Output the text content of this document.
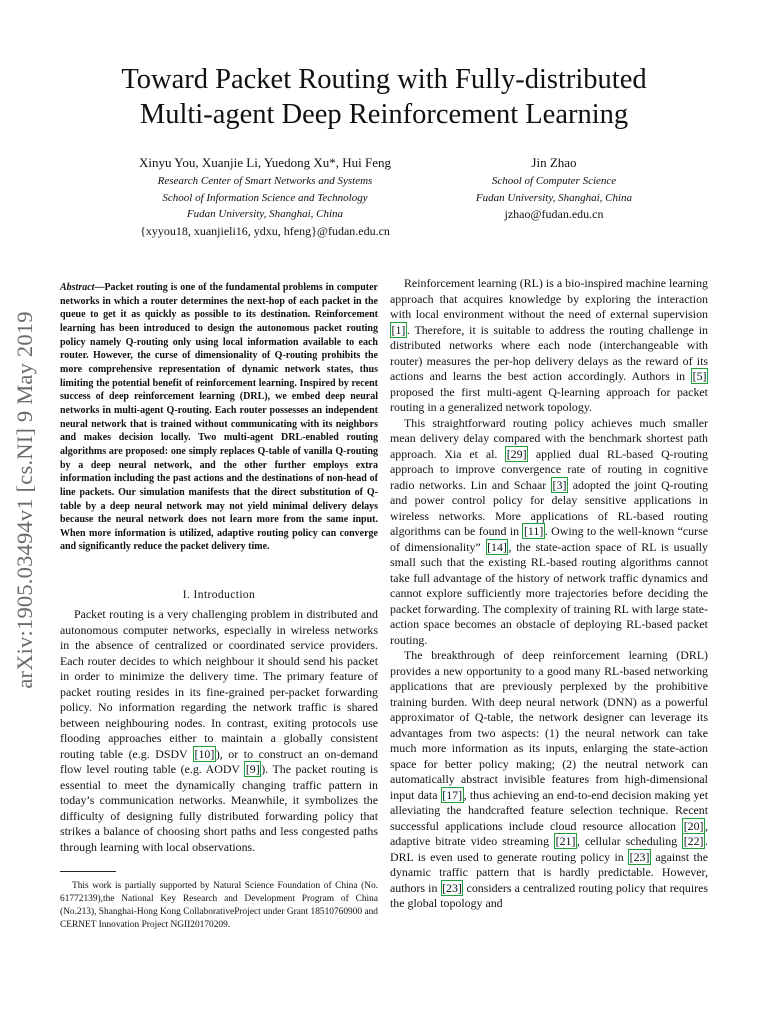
arXiv:1905.03494v1 [cs.NI] 9 May 2019
Toward Packet Routing with Fully-distributed
Multi-agent Deep Reinforcement Learning
Xinyu You, Xuanjie Li, Yuedong Xu*, Hui Feng
Research Center of Smart Networks and Systems
School of Information Science and Technology
Fudan University, Shanghai, China
{xyyou18, xuanjieli16, ydxu, hfeng}@fudan.edu.cn
Jin Zhao
School of Computer Science
Fudan University, Shanghai, China
jzhao@fudan.edu.cn
Abstract—Packet routing is one of the fundamental problems in computer networks in which a router determines the next-hop of each packet in the queue to get it as quickly as possible to its destination. Reinforcement learning has been introduced to design the autonomous packet routing policy namely Q-routing only using local information available to each router. However, the curse of dimensionality of Q-routing prohibits the more comprehensive representation of dynamic network states, thus limiting the potential benefit of reinforcement learning. Inspired by recent success of deep reinforcement learning (DRL), we embed deep neural networks in multi-agent Q-routing. Each router possesses an independent neural network that is trained without communicating with its neighbors and makes decision locally. Two multi-agent DRL-enabled routing algorithms are proposed: one simply replaces Q-table of vanilla Q-routing by a deep neural network, and the other further employs extra information including the past actions and the destinations of non-head of line packets. Our simulation manifests that the direct substitution of Q-table by a deep neural network may not yield minimal delivery delays because the neural network does not learn more from the same input. When more information is utilized, adaptive routing policy can converge and significantly reduce the packet delivery time.
I. Introduction

Packet routing is a very challenging problem in distributed and autonomous computer networks, especially in wireless networks in the absence of centralized or coordinated service providers. Each router decides to which neighbour it should send his packet in order to minimize the delivery time. The primary feature of packet routing resides in its fine-grained per-packet forwarding policy. No information regarding the network traffic is shared between neighbouring nodes. In contrast, exiting protocols use flooding approaches either to maintain a globally consistent routing table (e.g. DSDV [10] ), or to construct an on-demand flow level routing table (e.g. AODV [9] ). The packet routing is essential to meet the dynamically changing traffic pattern in today’s communication networks. Meanwhile, it symbolizes the difficulty of designing fully distributed forwarding policy that strikes a balance of choosing short paths and less congested paths through learning with local observations.

This work is partially supported by Natural Science Foundation of China (No. 61772139),the National Key Research and Development Program of China (No.213), Shanghai-Hong Kong CollaborativeProject under Grant 18510760900 and CERNET Innovation Project NGII20170209.

Reinforcement learning (RL) is a bio-inspired machine learning approach that acquires knowledge by exploring the interaction with local environment without the need of external supervision [1] . Therefore, it is suitable to address the routing challenge in distributed networks where each node (interchangeable with router) measures the per-hop delivery delays as the reward of its actions and learns the best action accordingly. Authors in [5] proposed the first multi-agent Q-learning approach for packet routing in a generalized network topology.

This straightforward routing policy achieves much smaller mean delivery delay compared with the benchmark shortest path approach. Xia et al. [29] applied dual RL-based Q-routing approach to improve convergence rate of routing in cognitive radio networks. Lin and Schaar [3] adopted the joint Q-routing and power control policy for delay sensitive applications in wireless networks. More applications of RL-based routing algorithms can be found in [11] . Owing to the well-known “curse of dimensionality” [14] , the state-action space of RL is usually small such that the existing RL-based routing algorithms cannot take full advantage of the history of network traffic dynamics and cannot explore sufficiently more trajectories before deciding the packet forwarding. The complexity of training RL with large state-action space becomes an obstacle of deploying RL-based packet routing.

The breakthrough of deep reinforcement learning (DRL) provides a new opportunity to a good many RL-based networking applications that are previously perplexed by the prohibitive training burden. With deep neural network (DNN) as a powerful approximator of Q-table, the network designer can leverage its advantages from two aspects: (1) the neural network can take much more information as its inputs, enlarging the state-action space for better policy making; (2) the neutral network can automatically abstract invisible features from high-dimensional input data [17] , thus achieving an end-to-end decision making yet alleviating the handcrafted feature selection technique. Recent successful applications include cloud resource allocation [20] , adaptive bitrate video streaming [21] , cellular scheduling [22] . DRL is even used to generate routing policy in [23] against the dynamic traffic pattern that is hardly predictable. However, authors in [23] considers a centralized routing policy that requires the global topology and
